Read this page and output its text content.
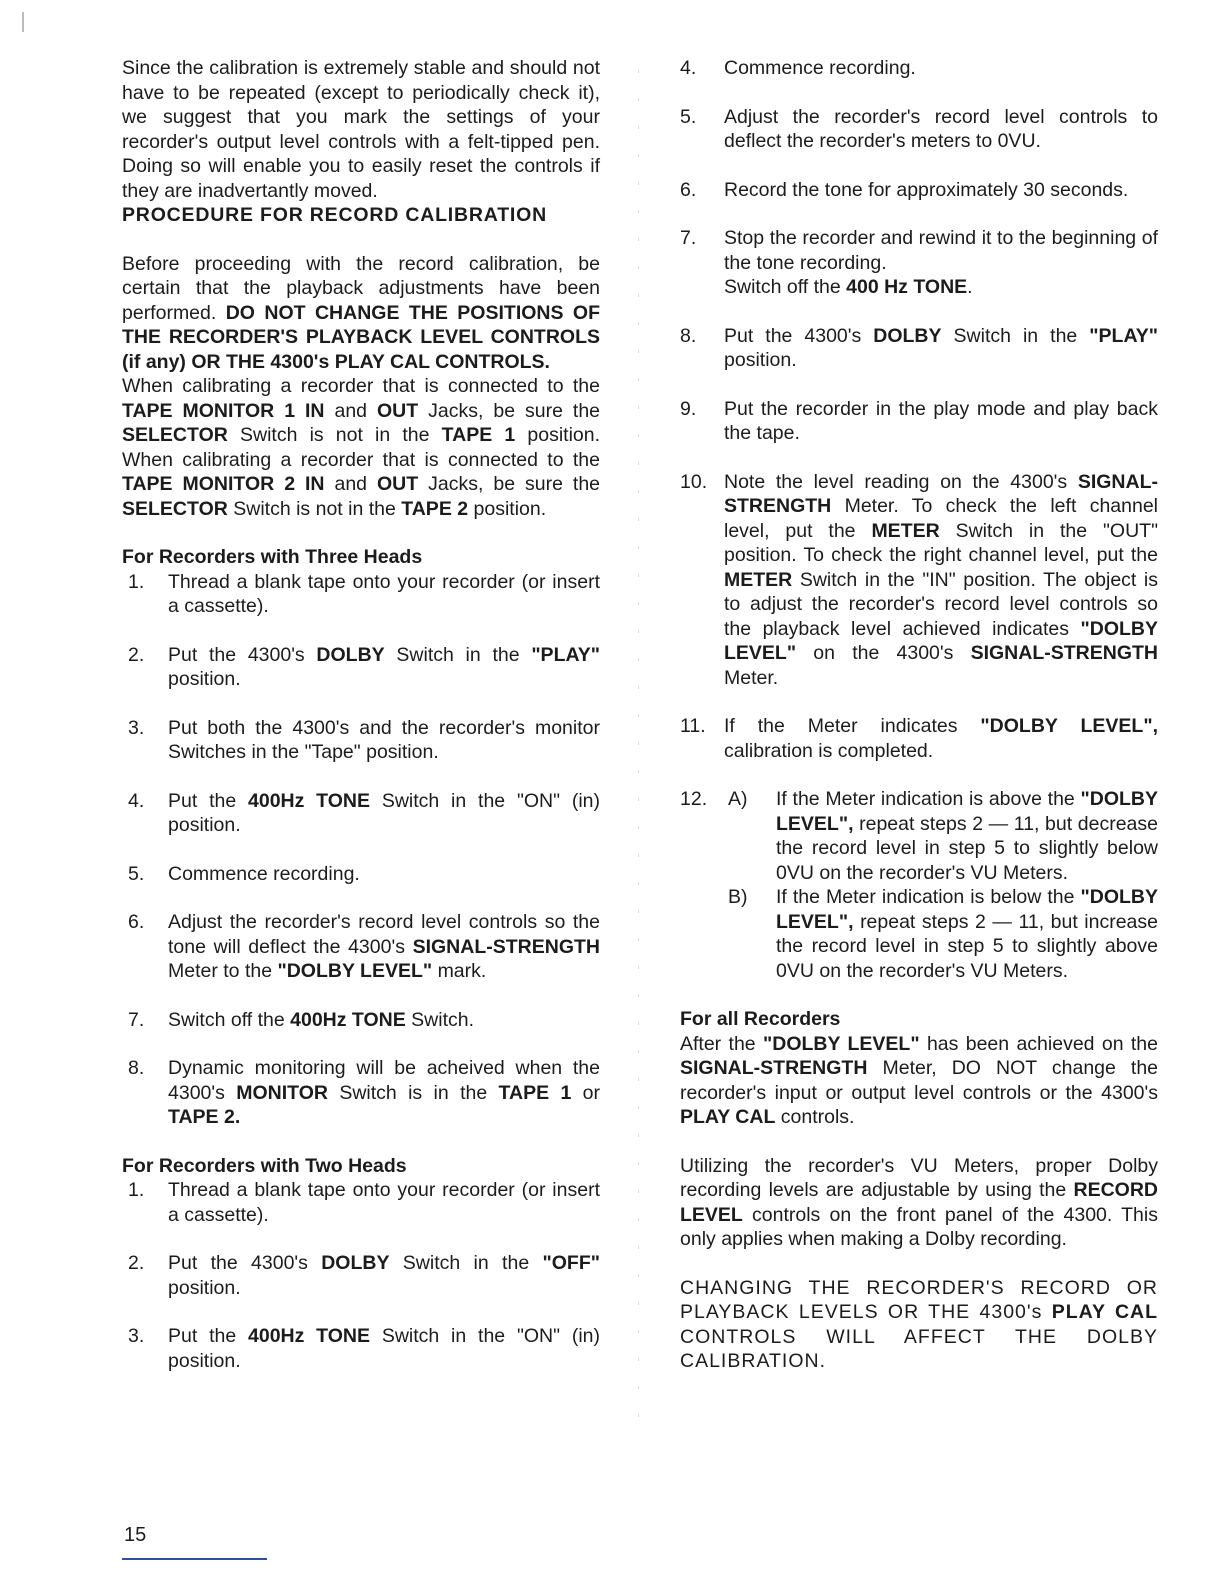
Since the calibration is extremely stable and should not have to be repeated (except to periodically check it), we suggest that you mark the settings of your recorder's output level controls with a felt-tipped pen. Doing so will enable you to easily reset the controls if they are inadvertantly moved.

PROCEDURE FOR RECORD CALIBRATION

Before proceeding with the record calibration, be certain that the playback adjustments have been performed. DO NOT CHANGE THE POSITIONS OF THE RECORDER'S PLAYBACK LEVEL CONTROLS (if any) OR THE 4300's PLAY CAL CONTROLS.

When calibrating a recorder that is connected to the TAPE MONITOR 1 IN and OUT Jacks, be sure the SELECTOR Switch is not in the TAPE 1 position. When calibrating a recorder that is connected to the TAPE MONITOR 2 IN and OUT Jacks, be sure the SELECTOR Switch is not in the TAPE 2 position.

For Recorders with Three Heads

1. Thread a blank tape onto your recorder (or insert a cassette).
2. Put the 4300's DOLBY Switch in the "PLAY" position.
3. Put both the 4300's and the recorder's monitor Switches in the "Tape" position.
4. Put the 400Hz TONE Switch in the "ON" (in) position.
5. Commence recording.
6. Adjust the recorder's record level controls so the tone will deflect the 4300's SIGNAL-STRENGTH Meter to the "DOLBY LEVEL" mark.
7. Switch off the 400Hz TONE Switch.
8. Dynamic monitoring will be acheived when the 4300's MONITOR Switch is in the TAPE 1 or TAPE 2.

For Recorders with Two Heads

1. Thread a blank tape onto your recorder (or insert a cassette).
2. Put the 4300's DOLBY Switch in the "OFF" position.
3. Put the 400Hz TONE Switch in the "ON" (in) position.
4. Commence recording.
5. Adjust the recorder's record level controls to deflect the recorder's meters to 0VU.
6. Record the tone for approximately 30 seconds.
7. Stop the recorder and rewind it to the beginning of the tone recording.
Switch off the 400 Hz TONE.
8. Put the 4300's DOLBY Switch in the "PLAY" position.
9. Put the recorder in the play mode and play back the tape.
10. Note the level reading on the 4300's SIGNAL-STRENGTH Meter. To check the left channel level, put the METER Switch in the "OUT" position. To check the right channel level, put the METER Switch in the "IN" position. The object is to adjust the recorder's record level controls so the playback level achieved indicates "DOLBY LEVEL" on the 4300's SIGNAL-STRENGTH Meter.
11. If the Meter indicates "DOLBY LEVEL", calibration is completed.
12. A) If the Meter indication is above the "DOLBY LEVEL", repeat steps 2 — 11, but decrease the record level in step 5 to slightly below 0VU on the recorder's VU Meters.
B) If the Meter indication is below the "DOLBY LEVEL", repeat steps 2 — 11, but increase the record level in step 5 to slightly above 0VU on the recorder's VU Meters.

For all Recorders

After the "DOLBY LEVEL" has been achieved on the SIGNAL-STRENGTH Meter, DO NOT change the recorder's input or output level controls or the 4300's PLAY CAL controls.

Utilizing the recorder's VU Meters, proper Dolby recording levels are adjustable by using the RECORD LEVEL controls on the front panel of the 4300. This only applies when making a Dolby recording.

CHANGING THE RECORDER'S RECORD OR PLAYBACK LEVELS OR THE 4300's PLAY CAL CONTROLS WILL AFFECT THE DOLBY CALIBRATION.

15
